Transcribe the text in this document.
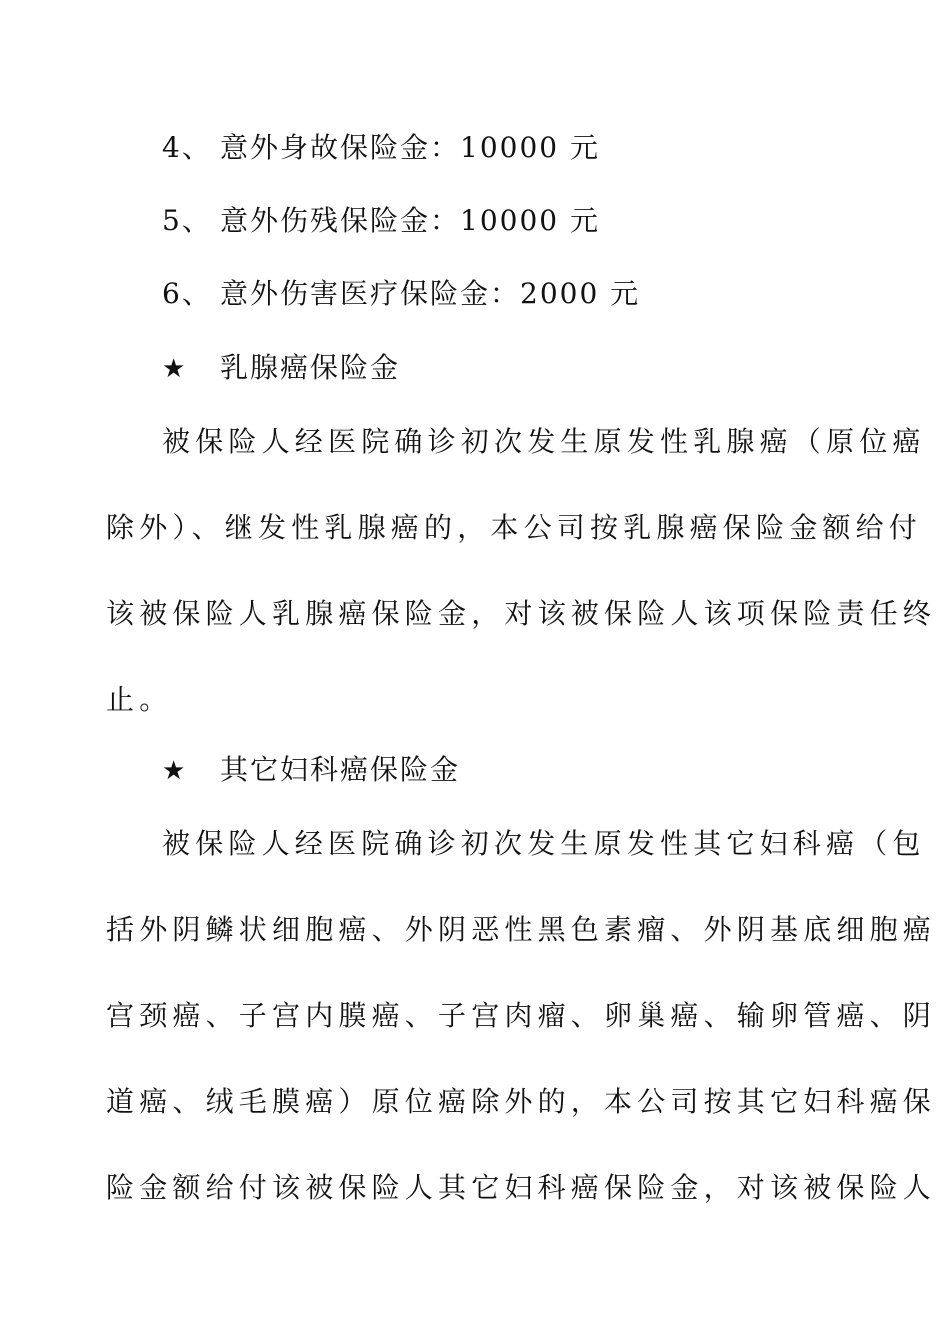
4、 意外身故保险金：10000 元
5、 意外伤残保险金：10000 元
6、 意外伤害医疗保险金：2000 元
★ 乳腺癌保险金
被保险人经医院确诊初次发生原发性乳腺癌（原位癌
除外）、继发性乳腺癌的，本公司按乳腺癌保险金额给付
该被保险人乳腺癌保险金，对该被保险人该项保险责任终
止。
★ 其它妇科癌保险金
被保险人经医院确诊初次发生原发性其它妇科癌（包
括外阴鳞状细胞癌、外阴恶性黑色素瘤、外阴基底细胞癌
宫颈癌、子宫内膜癌、子宫肉瘤、卵巢癌、输卵管癌、阴
道癌、绒毛膜癌）原位癌除外的，本公司按其它妇科癌保
险金额给付该被保险人其它妇科癌保险金，对该被保险人
